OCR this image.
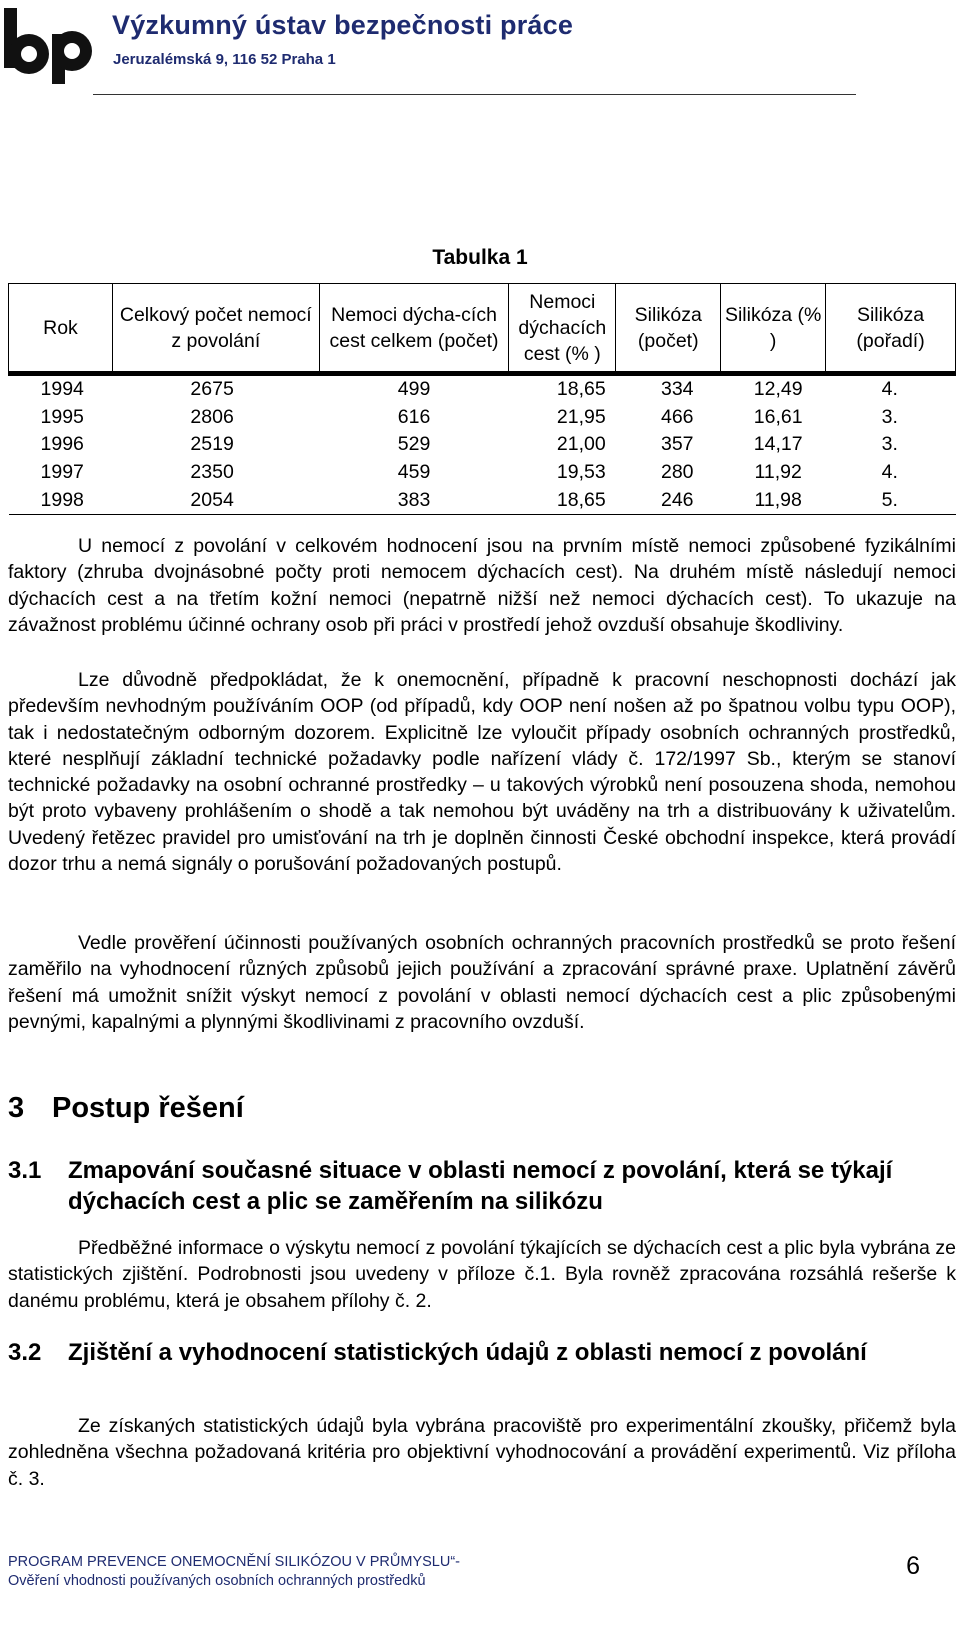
Výzkumný ústav bezpečnosti práce
Jeruzalémská 9, 116 52 Praha 1
Tabulka 1
Rok	Celkový počet nemocí z povolání	Nemoci dýcha-cích cest celkem (počet)	Nemoci dýchacích cest (% )	Silikóza (počet)	Silikóza (% )	Silikóza (pořadí)
1994	2675	499	18,65	334	12,49	4.
1995	2806	616	21,95	466	16,61	3.
1996	2519	529	21,00	357	14,17	3.
1997	2350	459	19,53	280	11,92	4.
1998	2054	383	18,65	246	11,98	5.

U nemocí z povolání v celkovém hodnocení jsou na prvním místě nemoci způsobené fyzikálními faktory (zhruba dvojnásobné počty proti nemocem dýchacích cest). Na druhém místě následují nemoci dýchacích cest a na třetím kožní nemoci (nepatrně nižší než nemoci dýchacích cest). To ukazuje na závažnost problému účinné ochrany osob při práci v prostředí jehož ovzduší obsahuje škodliviny.

Lze důvodně předpokládat, že k onemocnění, případně k pracovní neschopnosti dochází jak především nevhodným používáním OOP (od případů, kdy OOP není nošen až po špatnou volbu typu OOP), tak i nedostatečným odborným dozorem. Explicitně lze vyloučit případy osobních ochranných prostředků, které nesplňují základní technické požadavky podle nařízení vlády č. 172/1997 Sb., kterým se stanoví technické požadavky na osobní ochranné prostředky – u takových výrobků není posouzena shoda, nemohou být proto vybaveny prohlášením o shodě a tak nemohou být uváděny na trh a distribuovány k uživatelům. Uvedený řetězec pravidel pro umisťování na trh je doplněn činnosti České obchodní inspekce, která provádí dozor trhu a nemá signály o porušování požadovaných postupů.

Vedle prověření účinnosti používaných osobních ochranných pracovních prostředků se proto řešení zaměřilo na vyhodnocení různých způsobů jejich používání a zpracování správné praxe. Uplatnění závěrů řešení má umožnit snížit výskyt nemocí z povolání v oblasti nemocí dýchacích cest a plic způsobenými pevnými, kapalnými a plynnými škodlivinami z pracovního ovzduší.

3 Postup řešení
3.1 Zmapování současné situace v oblasti nemocí z povolání, která se týkají dýchacích cest a plic se zaměřením na silikózu

Předběžné informace o výskytu nemocí z povolání týkajících se dýchacích cest a plic byla vybrána ze statistických zjištění. Podrobnosti jsou uvedeny v příloze č.1. Byla rovněž zpracována rozsáhlá rešerše k danému problému, která je obsahem přílohy č. 2.

3.2 Zjištění a vyhodnocení statistických údajů z oblasti nemocí z povolání

Ze získaných statistických údajů byla vybrána pracoviště pro experimentální zkoušky, přičemž byla zohledněna všechna požadovaná kritéria pro objektivní vyhodnocování a provádění experimentů. Viz příloha č. 3.

PROGRAM PREVENCE ONEMOCNĚNÍ SILIKÓZOU V PRŮMYSLU“-
Ověření vhodnosti používaných osobních ochranných prostředků
6
